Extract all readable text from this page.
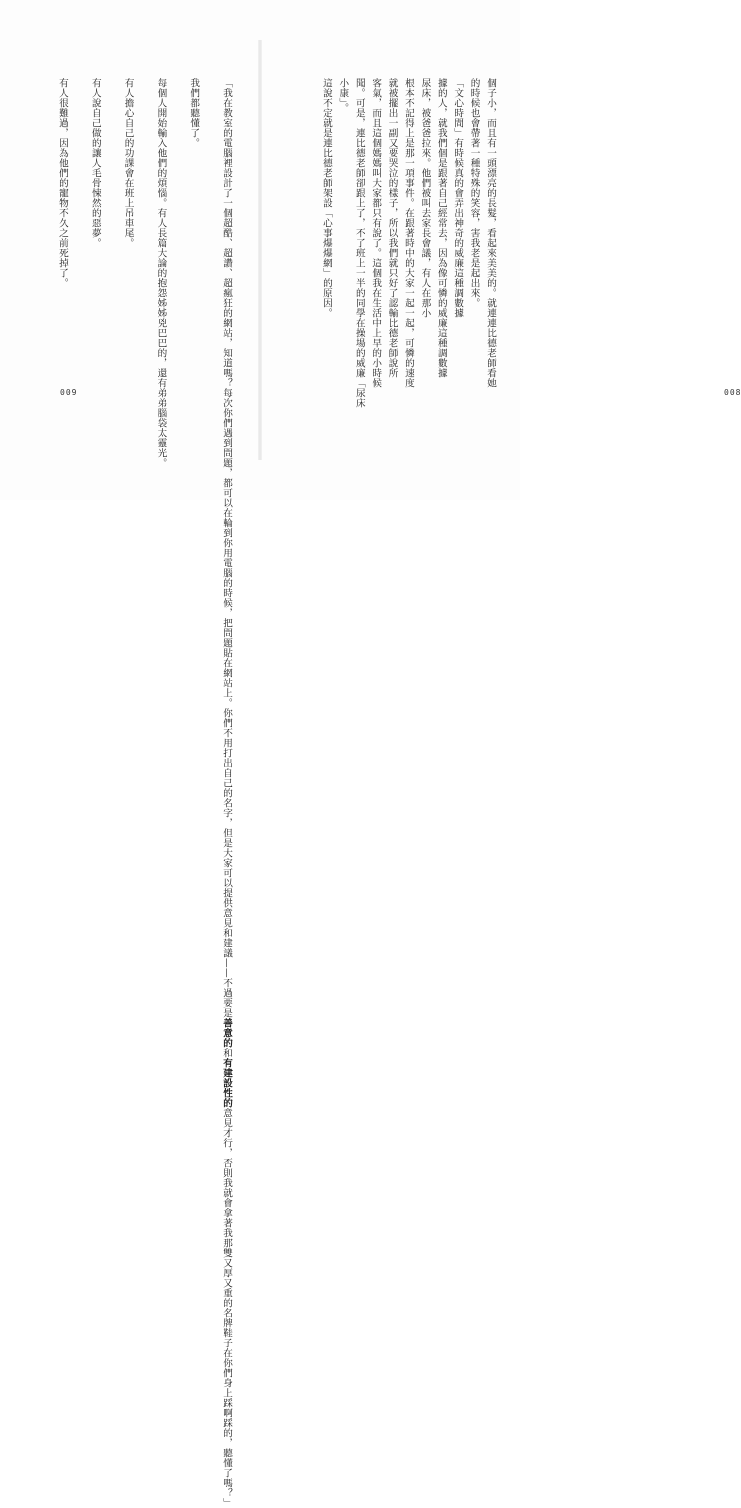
「我在教室的電腦裡設計了一個超酷、超讚、超瘋狂的網站，知道嗎？每次你們遇到問題，都可以在輪到你用電腦的時候，把問題貼在網站上。你們不用打出自己的名字，但是大家可以提供意見和建議——不過要是善意的和有建設性的意見才行，否則我就會拿著我那雙又厚又重的名牌鞋子在你們身上踩啊踩的，聽懂了嗎？」

我們都聽懂了。

每個人開始輸入他們的煩惱。有人長篇大論的抱怨姊姊兇巴巴的，還有弟弟腦袋太靈光。

有人擔心自己的功課會在班上吊車尾。

有人說自己做的讓人毛骨悚然的惡夢。

有人很難過，因為他們的寵物不久之前死掉了。
009
個子小，而且有一頭漂亮的長髮，看起來美美的。就連連比德老師看她
的時候也會帶著一種特殊的笑容，害我老是起出來。
「文心時間」有時候真的會弄出神奇的威廉這種調數據
據的人，就我們個是跟著自己經常去，因為像可憐的威廉這種調數據
尿床，被爸爸拉來。他們被叫去家長會議，有人在那小
根本不記得上是那一項事件。在跟著時中的大家一起一起，可憐的速度
就被擺出一副又要哭泣的樣子，所以我們就只好了認輸比德老師說所
客氣，而且這個媽媽叫大家都只有說了。這個我在生活中上早的小時候
聞。可是，連比德老師卻跟上了，不了班上一半的同學在操場的威廉「尿床
小康」。
這說不定就是連比德老師架設「心事爆爆網」的原因。
008
